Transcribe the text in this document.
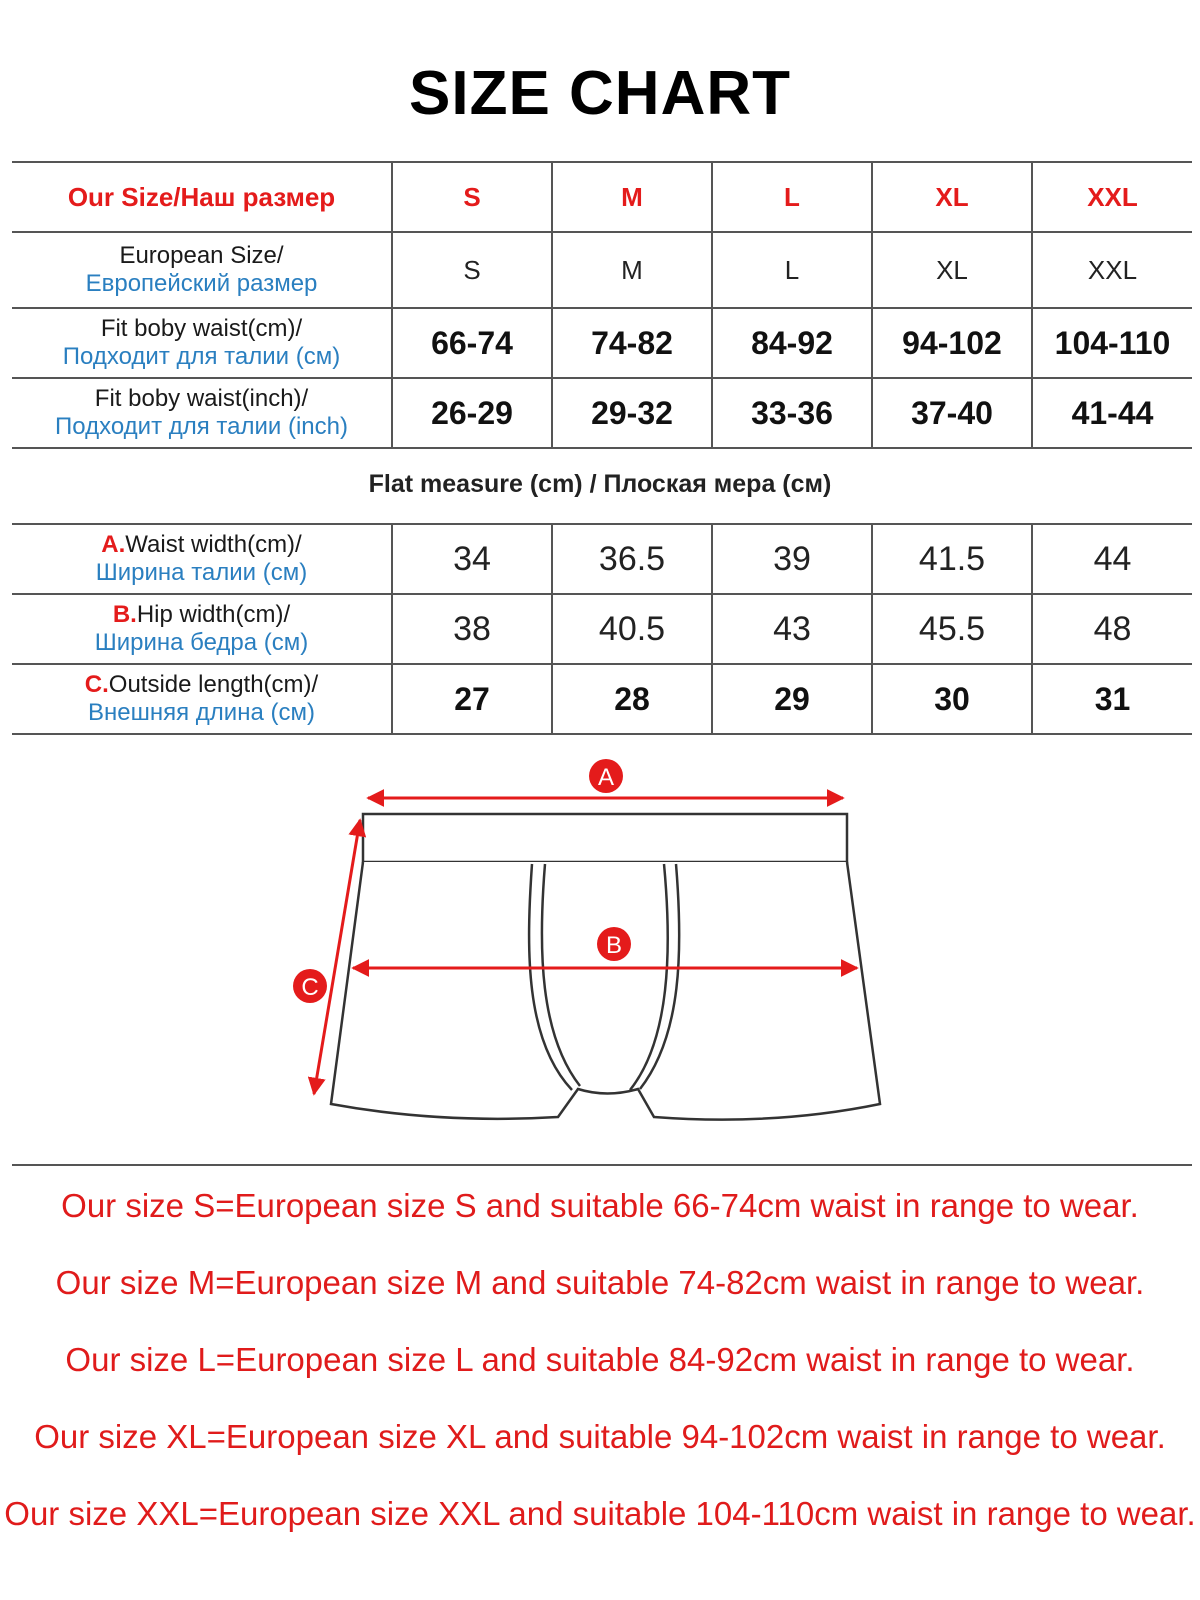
SIZE CHART
Our Size/Наш размер	S	M	L	XL	XXL

European Size/
Европейский размер	S	M	L	XL	XXL

Fit boby waist(cm)/
Подходит для талии (см)	66-74	74-82	84-92	94-102	104-110

Fit boby waist(inch)/
Подходит для талии (inch)	26-29	29-32	33-36	37-40	41-44
Flat measure (cm) / Плоская мера (см)
A.Waist width(cm)/
Ширина талии (см)	34	36.5	39	41.5	44

B.Hip width(cm)/
Ширина бедра (см)	38	40.5	43	45.5	48

C.Outside length(cm)/
Внешняя длина (см)	27	28	29	30	31
A
B
C
Our size S=European size S and suitable 66-74cm waist in range to wear.
Our size M=European size M and suitable 74-82cm waist in range to wear.
Our size L=European size L and suitable 84-92cm waist in range to wear.
Our size XL=European size XL and suitable 94-102cm waist in range to wear.
Our size XXL=European size XXL and suitable 104-110cm waist in range to wear.
